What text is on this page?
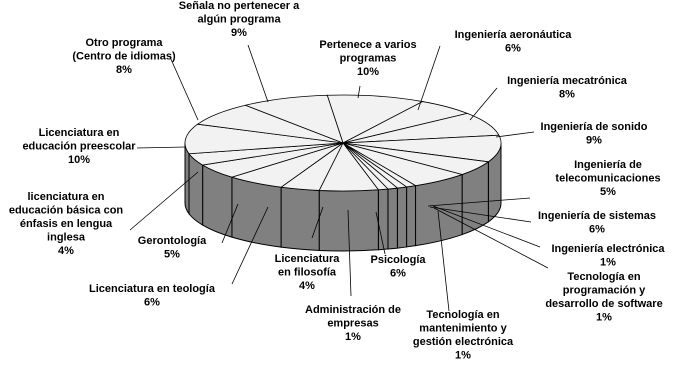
Pertenece a varios programas 10%
Ingeniería aeronáutica 6%
Ingeniería mecatrónica 8%
Ingeniería de sonido 9%
Ingeniería de telecomunicaciones 5%
Ingeniería de sistemas 6%
Ingeniería electrónica 1%
Tecnología en programación y desarrollo de software 1%
Tecnología en mantenimiento y gestión electrónica 1%
Administración de empresas 1%
Psicología 6%
Licenciatura en filosofía 4%
Licenciatura en teología 6%
Gerontología 5%
licenciatura en educación básica con énfasis en lengua inglesa 4%
Licenciatura en educación preescolar 10%
Otro programa (Centro de idiomas) 8%
Señala no pertenecer a algún programa 9%
